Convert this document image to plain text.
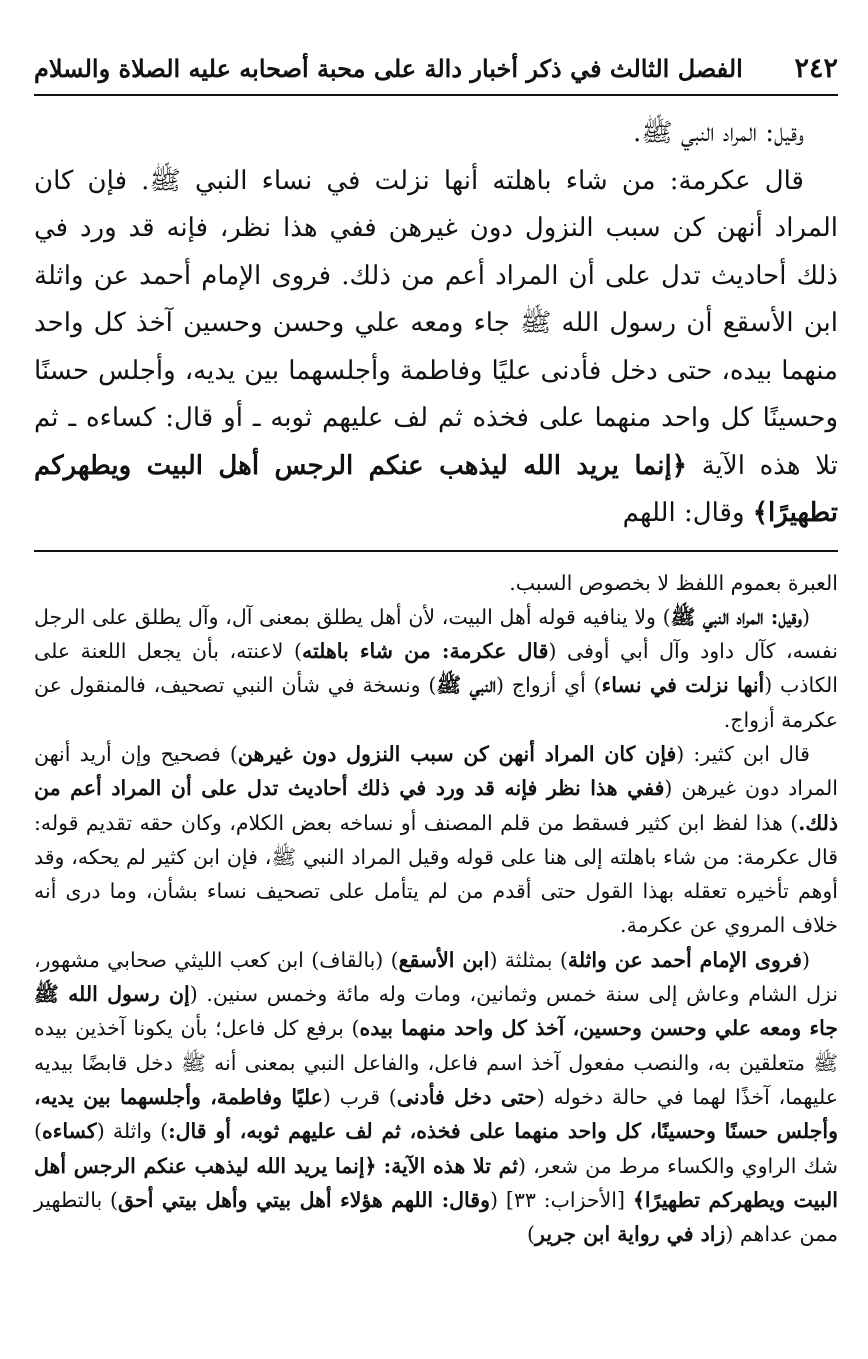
٢٤٢
الفصل الثالث في ذكر أخبار دالة على محبة أصحابه عليه الصلاة والسلام

وقيل: المراد النبي ﷺ.

قال عكرمة: من شاء باهلته أنها نزلت في نساء النبي ﷺ. فإن كان المراد أنهن كن سبب النزول دون غيرهن ففي هذا نظر، فإنه قد ورد في ذلك أحاديث تدل على أن المراد أعم من ذلك. فروى الإمام أحمد عن واثلة ابن الأسقع أن رسول الله ﷺ جاء ومعه علي وحسن وحسين آخذ كل واحد منهما بيده، حتى دخل فأدنى عليًا وفاطمة وأجلسهما بين يديه، وأجلس حسنًا وحسينًا كل واحد منهما على فخذه ثم لف عليهم ثوبه ـ أو قال: كساءه ـ ثم تلا هذه الآية ﴿إنما يريد الله ليذهب عنكم الرجس أهل البيت ويطهركم تطهيرًا﴾ وقال: اللهم

العبرة بعموم اللفظ لا بخصوص السبب.

(وقيل: المراد النبي ﷺ) ولا ينافيه قوله أهل البيت، لأن أهل يطلق بمعنى آل، وآل يطلق على الرجل نفسه، كآل داود وآل أبي أوفى (قال عكرمة: من شاء باهلته) لاعنته، بأن يجعل اللعنة على الكاذب (أنها نزلت في نساء) أي أزواج (النبي ﷺ) ونسخة في شأن النبي تصحيف، فالمنقول عن عكرمة أزواج.

قال ابن كثير: (فإن كان المراد أنهن كن سبب النزول دون غيرهن) فصحيح وإن أريد أنهن المراد دون غيرهن (ففي هذا نظر فإنه قد ورد في ذلك أحاديث تدل على أن المراد أعم من ذلك.) هذا لفظ ابن كثير فسقط من قلم المصنف أو نساخه بعض الكلام، وكان حقه تقديم قوله: قال عكرمة: من شاء باهلته إلى هنا على قوله وقيل المراد النبي ﷺ، فإن ابن كثير لم يحكه، وقد أوهم تأخيره تعقله بهذا القول حتى أقدم من لم يتأمل على تصحيف نساء بشأن، وما درى أنه خلاف المروي عن عكرمة.

(فروى الإمام أحمد عن واثلة) بمثلثة (ابن الأسقع) (بالقاف) ابن كعب الليثي صحابي مشهور، نزل الشام وعاش إلى سنة خمس وثمانين، ومات وله مائة وخمس سنين. (إن رسول الله ﷺ جاء ومعه علي وحسن وحسين، آخذ كل واحد منهما بيده) برفع كل فاعل؛ بأن يكونا آخذين بيده ﷺ متعلقين به، والنصب مفعول آخذ اسم فاعل، والفاعل النبي بمعنى أنه ﷺ دخل قابضًا بيديه عليهما، آخذًا لهما في حالة دخوله (حتى دخل فأدنى) قرب (عليًا وفاطمة، وأجلسهما بين يديه، وأجلس حسنًا وحسينًا، كل واحد منهما على فخذه، ثم لف عليهم ثوبه، أو قال:) واثلة (كساءه) شك الراوي والكساء مرط من شعر، (ثم تلا هذه الآية: ﴿إنما يريد الله ليذهب عنكم الرجس أهل البيت ويطهركم تطهيرًا﴾ [الأحزاب: ٣٣] (وقال: اللهم هؤلاء أهل بيتي وأهل بيتي أحق) بالتطهير ممن عداهم (زاد في رواية ابن جرير)
